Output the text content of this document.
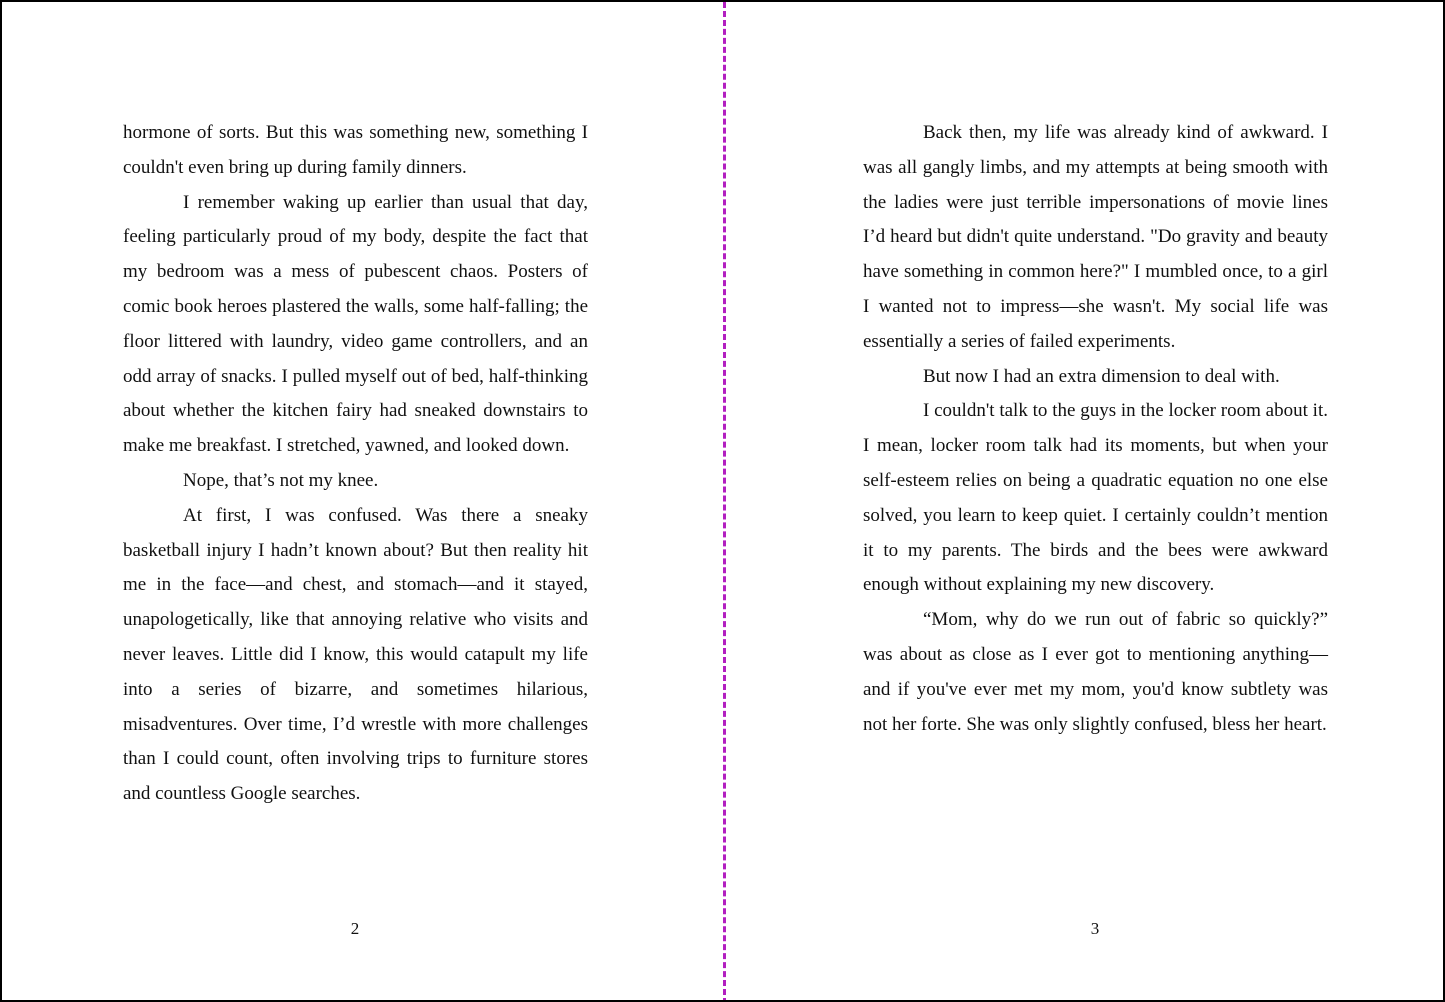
hormone of sorts. But this was something new, something I couldn't even bring up during family dinners.

I remember waking up earlier than usual that day, feeling particularly proud of my body, despite the fact that my bedroom was a mess of pubescent chaos. Posters of comic book heroes plastered the walls, some half-falling; the floor littered with laundry, video game controllers, and an odd array of snacks. I pulled myself out of bed, half-thinking about whether the kitchen fairy had sneaked downstairs to make me breakfast. I stretched, yawned, and looked down.

Nope, that’s not my knee.

At first, I was confused. Was there a sneaky basketball injury I hadn’t known about? But then reality hit me in the face—and chest, and stomach—and it stayed, unapologetically, like that annoying relative who visits and never leaves. Little did I know, this would catapult my life into a series of bizarre, and sometimes hilarious, misadventures. Over time, I’d wrestle with more challenges than I could count, often involving trips to furniture stores and countless Google searches.

2

Back then, my life was already kind of awkward. I was all gangly limbs, and my attempts at being smooth with the ladies were just terrible impersonations of movie lines I’d heard but didn't quite understand. "Do gravity and beauty have something in common here?" I mumbled once, to a girl I wanted not to impress—she wasn't. My social life was essentially a series of failed experiments.

But now I had an extra dimension to deal with.

I couldn't talk to the guys in the locker room about it. I mean, locker room talk had its moments, but when your self-esteem relies on being a quadratic equation no one else solved, you learn to keep quiet. I certainly couldn’t mention it to my parents. The birds and the bees were awkward enough without explaining my new discovery.

“Mom, why do we run out of fabric so quickly?” was about as close as I ever got to mentioning anything—and if you've ever met my mom, you'd know subtlety was not her forte. She was only slightly confused, bless her heart.

3
